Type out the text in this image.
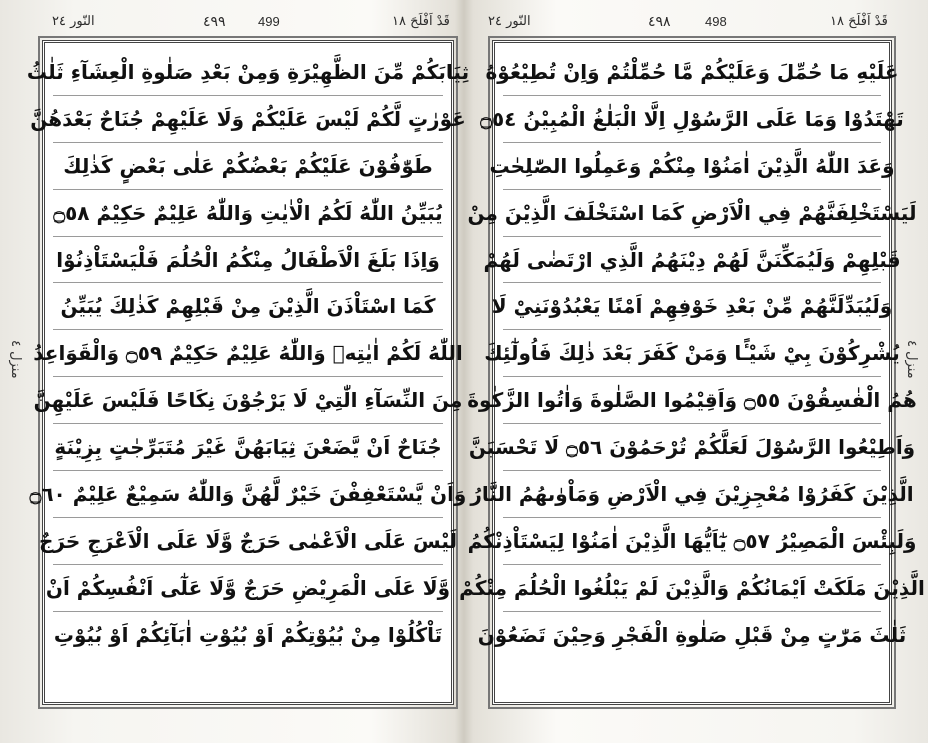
النّور ٢٤	٤٩٩ 499	قَدْ اَفْلَحَ ١٨
منزل ٤
ثِيَابَكُمْ مِّنَ الظَّهِيْرَةِ وَمِنْ بَعْدِ صَلٰوةِ الْعِشَآءِ ثَلٰثُ
عَوْرٰتٍ لَّكُمْ لَيْسَ عَلَيْكُمْ وَلَا عَلَيْهِمْ جُنَاحٌ بَعْدَهُنَّ
طَوّٰفُوْنَ عَلَيْكُمْ بَعْضُكُمْ عَلٰى بَعْضٍ كَذٰلِكَ
يُبَيِّنُ اللّٰهُ لَكُمُ الْاٰيٰتِ وَاللّٰهُ عَلِيْمٌ حَكِيْمٌ ۝٥٨
وَاِذَا بَلَغَ الْاَطْفَالُ مِنْكُمُ الْحُلُمَ فَلْيَسْتَاْذِنُوْا
كَمَا اسْتَاْذَنَ الَّذِيْنَ مِنْ قَبْلِهِمْ كَذٰلِكَ يُبَيِّنُ
اللّٰهُ لَكُمْ اٰيٰتِهٖ وَاللّٰهُ عَلِيْمٌ حَكِيْمٌ ۝٥٩ وَالْقَوَاعِدُ
مِنَ النِّسَآءِ الّٰتِيْ لَا يَرْجُوْنَ نِكَاحًا فَلَيْسَ عَلَيْهِنَّ
جُنَاحٌ اَنْ يَّضَعْنَ ثِيَابَهُنَّ غَيْرَ مُتَبَرِّجٰتٍ بِزِيْنَةٍ
وَاَنْ يَّسْتَعْفِفْنَ خَيْرٌ لَّهُنَّ وَاللّٰهُ سَمِيْعٌ عَلِيْمٌ ۝٦٠
لَيْسَ عَلَى الْاَعْمٰى حَرَجٌ وَّلَا عَلَى الْاَعْرَجِ حَرَجٌ
وَّلَا عَلَى الْمَرِيْضِ حَرَجٌ وَّلَا عَلٰٓى اَنْفُسِكُمْ اَنْ
تَاْكُلُوْا مِنْ بُيُوْتِكُمْ اَوْ بُيُوْتِ اٰبَآئِكُمْ اَوْ بُيُوْتِ
النّور ٢٤	٤٩٨	498	قَدْ اَفْلَحَ ١٨
منزل ٤
عَلَيْهِ مَا حُمِّلَ وَعَلَيْكُمْ مَّا حُمِّلْتُمْ وَاِنْ تُطِيْعُوْهُ
تَهْتَدُوْا وَمَا عَلَى الرَّسُوْلِ اِلَّا الْبَلٰغُ الْمُبِيْنُ ۝٥٤
وَعَدَ اللّٰهُ الَّذِيْنَ اٰمَنُوْا مِنْكُمْ وَعَمِلُوا الصّٰلِحٰتِ
لَيَسْتَخْلِفَنَّهُمْ فِي الْاَرْضِ كَمَا اسْتَخْلَفَ الَّذِيْنَ مِنْ
قَبْلِهِمْ وَلَيُمَكِّنَنَّ لَهُمْ دِيْنَهُمُ الَّذِي ارْتَضٰى لَهُمْ
وَلَيُبَدِّلَنَّهُمْ مِّنْ بَعْدِ خَوْفِهِمْ اَمْنًا يَعْبُدُوْنَنِيْ لَا
يُشْرِكُوْنَ بِيْ شَيْـًٔا وَمَنْ كَفَرَ بَعْدَ ذٰلِكَ فَاُولٰٓئِكَ
هُمُ الْفٰسِقُوْنَ ۝٥٥ وَاَقِيْمُوا الصَّلٰوةَ وَاٰتُوا الزَّكٰوةَ
وَاَطِيْعُوا الرَّسُوْلَ لَعَلَّكُمْ تُرْحَمُوْنَ ۝٥٦ لَا تَحْسَبَنَّ
الَّذِيْنَ كَفَرُوْا مُعْجِزِيْنَ فِي الْاَرْضِ وَمَاْوٰىهُمُ النَّارُ
وَلَبِئْسَ الْمَصِيْرُ ۝٥٧ يٰٓاَيُّهَا الَّذِيْنَ اٰمَنُوْا لِيَسْتَاْذِنْكُمُ
الَّذِيْنَ مَلَكَتْ اَيْمَانُكُمْ وَالَّذِيْنَ لَمْ يَبْلُغُوا الْحُلُمَ مِنْكُمْ
ثَلٰثَ مَرّٰتٍ مِنْ قَبْلِ صَلٰوةِ الْفَجْرِ وَحِيْنَ تَضَعُوْنَ
